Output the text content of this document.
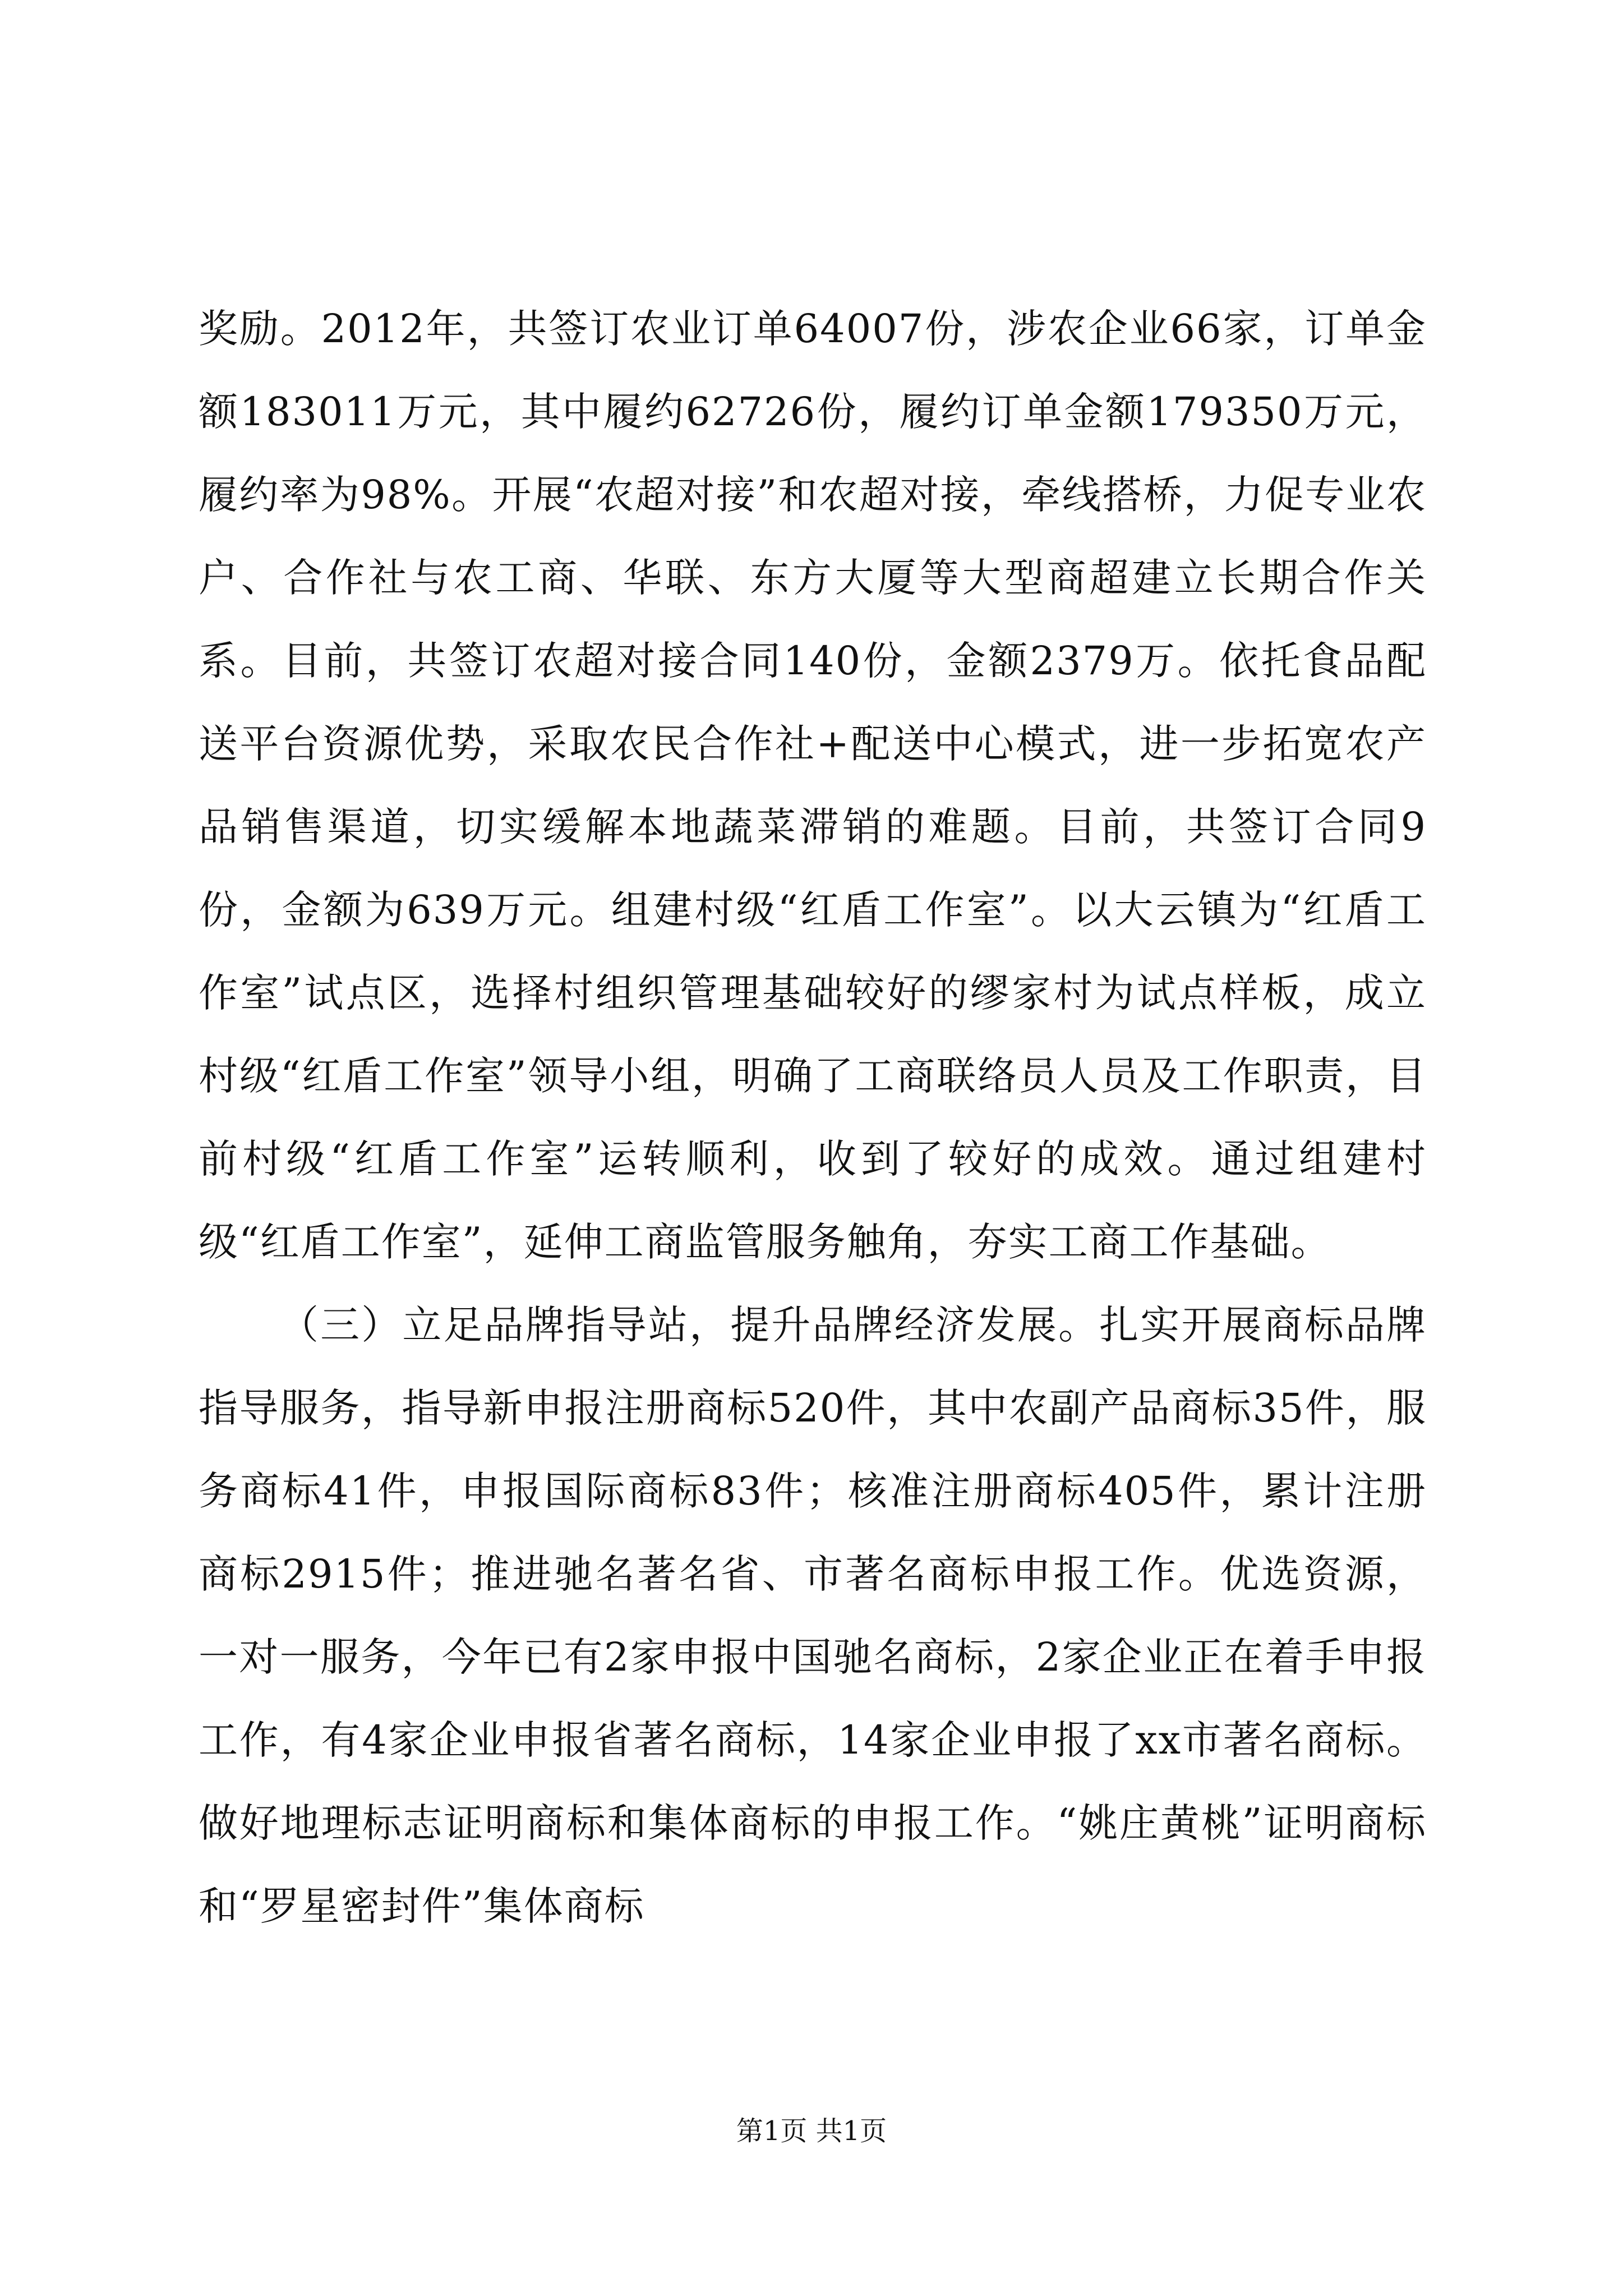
奖励。2012年，共签订农业订单64007份，涉农企业66家，订单金额183011万元，其中履约62726份，履约订单金额179350万元，履约率为98%。开展“农超对接”和农超对接，牵线搭桥，力促专业农户、合作社与农工商、华联、东方大厦等大型商超建立长期合作关系。目前，共签订农超对接合同140份，金额2379万。依托食品配送平台资源优势，采取农民合作社+配送中心模式，进一步拓宽农产品销售渠道，切实缓解本地蔬菜滞销的难题。目前，共签订合同9份，金额为639万元。组建村级“红盾工作室”。以大云镇为“红盾工作室”试点区，选择村组织管理基础较好的缪家村为试点样板，成立村级“红盾工作室”领导小组，明确了工商联络员人员及工作职责，目前村级“红盾工作室”运转顺利，收到了较好的成效。通过组建村级“红盾工作室”，延伸工商监管服务触角，夯实工商工作基础。

（三）立足品牌指导站，提升品牌经济发展。扎实开展商标品牌指导服务，指导新申报注册商标520件，其中农副产品商标35件，服务商标41件，申报国际商标83件；核准注册商标405件，累计注册商标2915件；推进驰名著名省、市著名商标申报工作。优选资源，一对一服务，今年已有2家申报中国驰名商标，2家企业正在着手申报工作，有4家企业申报省著名商标，14家企业申报了xx市著名商标。做好地理标志证明商标和集体商标的申报工作。“姚庄黄桃”证明商标和“罗星密封件”集体商标

第1页 共1页
